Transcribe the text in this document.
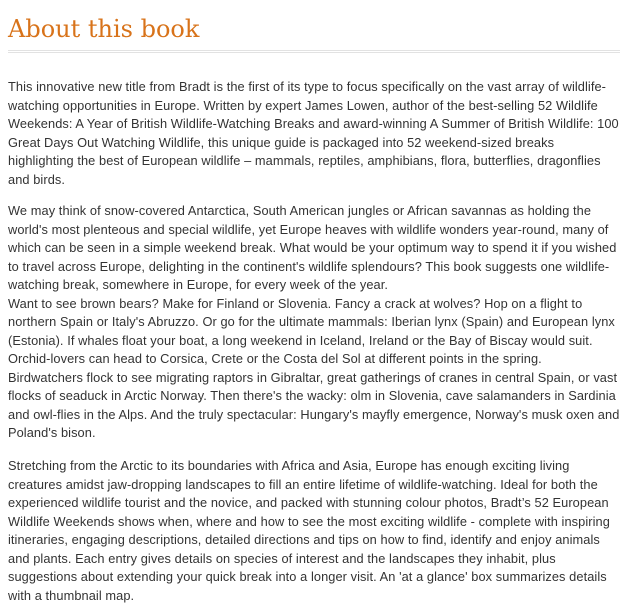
About this book

This innovative new title from Bradt is the first of its type to focus specifically on the vast array of wildlife-watching opportunities in Europe. Written by expert James Lowen, author of the best-selling 52 Wildlife Weekends: A Year of British Wildlife-Watching Breaks and award-winning A Summer of British Wildlife: 100 Great Days Out Watching Wildlife, this unique guide is packaged into 52 weekend-sized breaks highlighting the best of European wildlife – mammals, reptiles, amphibians, flora, butterflies, dragonflies and birds.

We may think of snow-covered Antarctica, South American jungles or African savannas as holding the world's most plenteous and special wildlife, yet Europe heaves with wildlife wonders year-round, many of which can be seen in a simple weekend break. What would be your optimum way to spend it if you wished to travel across Europe, delighting in the continent's wildlife splendours? This book suggests one wildlife-watching break, somewhere in Europe, for every week of the year.

Want to see brown bears? Make for Finland or Slovenia. Fancy a crack at wolves? Hop on a flight to northern Spain or Italy's Abruzzo. Or go for the ultimate mammals: Iberian lynx (Spain) and European lynx (Estonia). If whales float your boat, a long weekend in Iceland, Ireland or the Bay of Biscay would suit. Orchid-lovers can head to Corsica, Crete or the Costa del Sol at different points in the spring. Birdwatchers flock to see migrating raptors in Gibraltar, great gatherings of cranes in central Spain, or vast flocks of seaduck in Arctic Norway. Then there's the wacky: olm in Slovenia, cave salamanders in Sardinia and owl-flies in the Alps. And the truly spectacular: Hungary's mayfly emergence, Norway's musk oxen and Poland's bison.

Stretching from the Arctic to its boundaries with Africa and Asia, Europe has enough exciting living creatures amidst jaw-dropping landscapes to fill an entire lifetime of wildlife-watching. Ideal for both the experienced wildlife tourist and the novice, and packed with stunning colour photos, Bradt’s 52 European Wildlife Weekends shows when, where and how to see the most exciting wildlife - complete with inspiring itineraries, engaging descriptions, detailed directions and tips on how to find, identify and enjoy animals and plants. Each entry gives details on species of interest and the landscapes they inhabit, plus suggestions about extending your quick break into a longer visit. An 'at a glance' box summarizes details with a thumbnail map.
